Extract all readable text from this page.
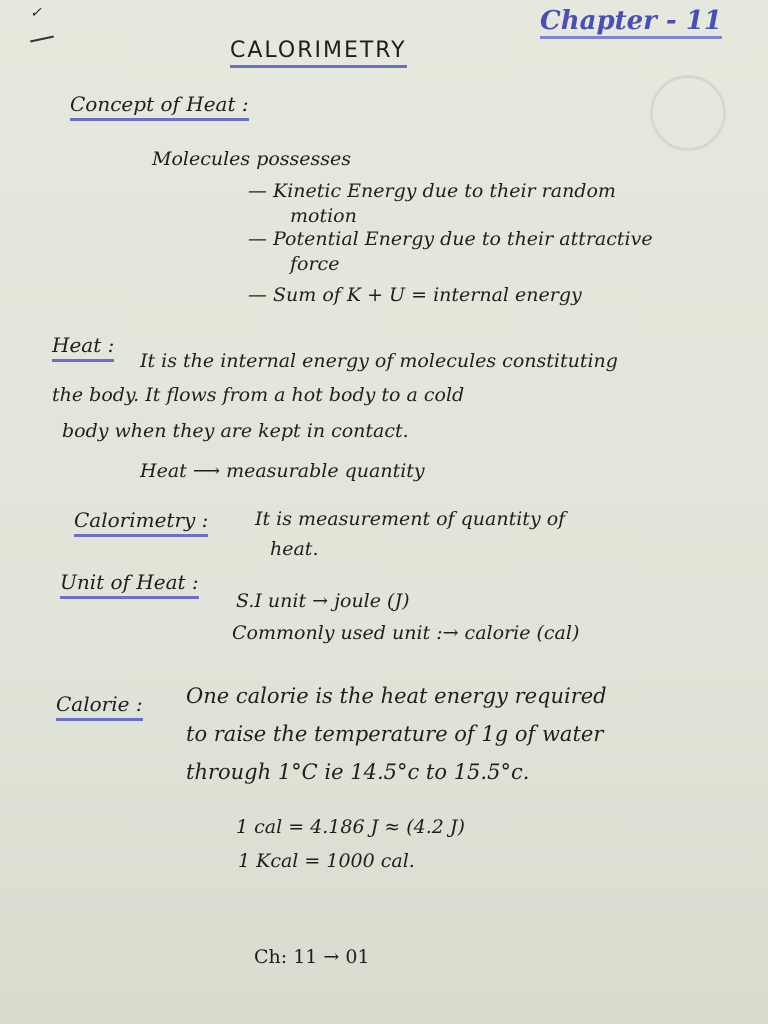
✓	Chapter - 11
CALORIMETRY
Concept of Heat :
Molecules possesses
— Kinetic Energy due to their random
motion
— Potential Energy due to their attractive
force
— Sum of K + U = internal energy
Heat :
It is the internal energy of molecules constituting
the body. It flows from a hot body to a cold
body when they are kept in contact.
Heat ⟶ measurable quantity
Calorimetry : It is measurement of quantity of
heat.
Unit of Heat :
S.I unit → joule (J)
Commonly used unit :→ calorie (cal)
Calorie : One calorie is the heat energy required
to raise the temperature of 1g of water
through 1°C ie 14.5°c to 15.5°c.
1 cal = 4.186 J ≈ (4.2 J)
1 Kcal = 1000 cal.
Ch: 11 → 01
